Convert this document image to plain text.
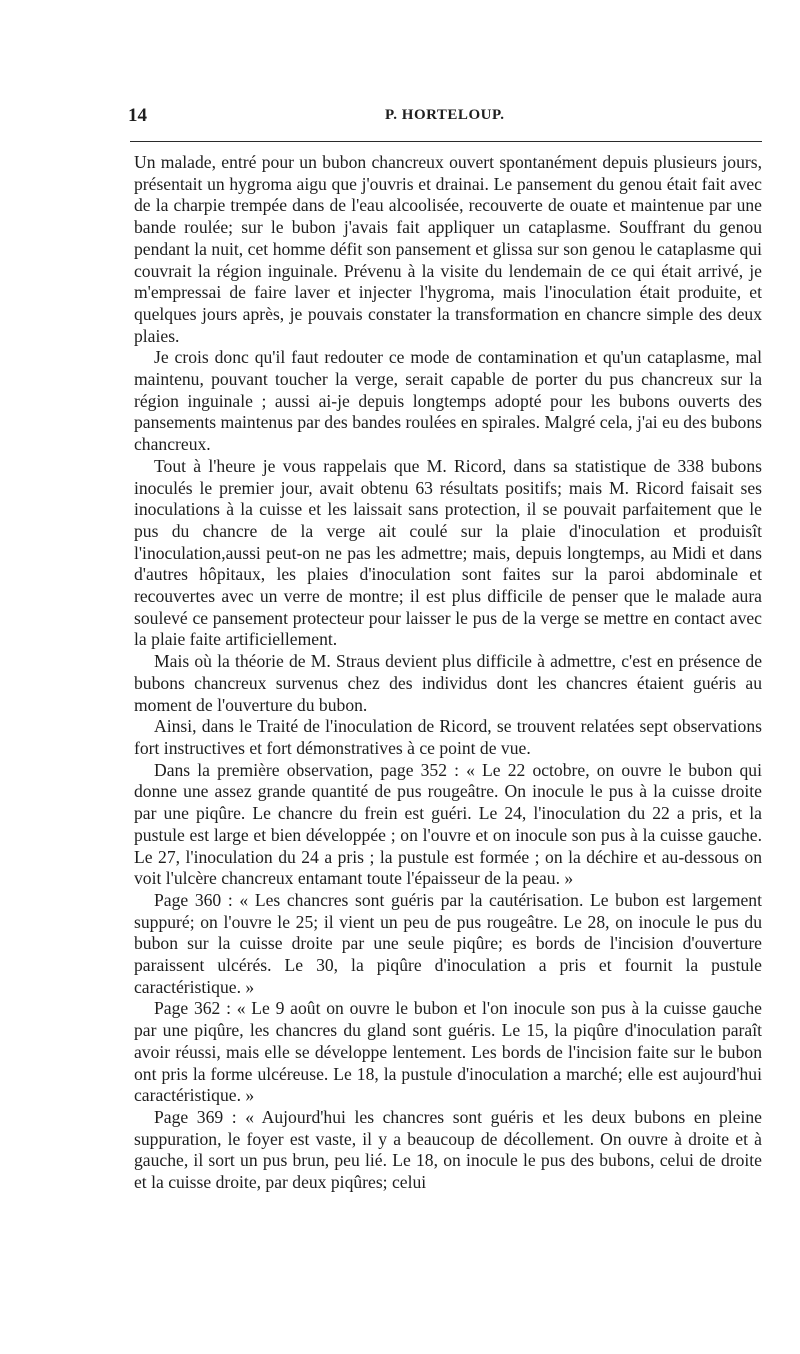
14	P. HORTELOUP.

Un malade, entré pour un bubon chancreux ouvert spontanément depuis plusieurs jours, présentait un hygroma aigu que j'ouvris et drainai. Le pansement du genou était fait avec de la charpie trempée dans de l'eau alcoolisée, recouverte de ouate et maintenue par une bande roulée; sur le bubon j'avais fait appliquer un cataplasme. Souffrant du genou pendant la nuit, cet homme défit son pansement et glissa sur son genou le cataplasme qui couvrait la région inguinale. Prévenu à la visite du lendemain de ce qui était arrivé, je m'empressai de faire laver et injecter l'hygroma, mais l'inoculation était produite, et quelques jours après, je pouvais constater la transformation en chancre simple des deux plaies.

Je crois donc qu'il faut redouter ce mode de contamination et qu'un cataplasme, mal maintenu, pouvant toucher la verge, serait capable de porter du pus chancreux sur la région inguinale ; aussi ai-je depuis longtemps adopté pour les bubons ouverts des pansements maintenus par des bandes roulées en spirales. Malgré cela, j'ai eu des bubons chancreux.

Tout à l'heure je vous rappelais que M. Ricord, dans sa statistique de 338 bubons inoculés le premier jour, avait obtenu 63 résultats positifs; mais M. Ricord faisait ses inoculations à la cuisse et les laissait sans protection, il se pouvait parfaitement que le pus du chancre de la verge ait coulé sur la plaie d'inoculation et produisît l'inoculation,aussi peut-on ne pas les admettre; mais, depuis longtemps, au Midi et dans d'autres hôpitaux, les plaies d'inoculation sont faites sur la paroi abdominale et recouvertes avec un verre de montre; il est plus difficile de penser que le malade aura soulevé ce pansement protecteur pour laisser le pus de la verge se mettre en contact avec la plaie faite artificiellement.

Mais où la théorie de M. Straus devient plus difficile à admettre, c'est en présence de bubons chancreux survenus chez des individus dont les chancres étaient guéris au moment de l'ouverture du bubon.

Ainsi, dans le Traité de l'inoculation de Ricord, se trouvent relatées sept observations fort instructives et fort démonstratives à ce point de vue.

Dans la première observation, page 352 : « Le 22 octobre, on ouvre le bubon qui donne une assez grande quantité de pus rougeâtre. On inocule le pus à la cuisse droite par une piqûre. Le chancre du frein est guéri. Le 24, l'inoculation du 22 a pris, et la pustule est large et bien développée ; on l'ouvre et on inocule son pus à la cuisse gauche. Le 27, l'inoculation du 24 a pris ; la pustule est formée ; on la déchire et au-dessous on voit l'ulcère chancreux entamant toute l'épaisseur de la peau. »

Page 360 : « Les chancres sont guéris par la cautérisation. Le bubon est largement suppuré; on l'ouvre le 25; il vient un peu de pus rougeâtre. Le 28, on inocule le pus du bubon sur la cuisse droite par une seule piqûre; es bords de l'incision d'ouverture paraissent ulcérés. Le 30, la piqûre d'inoculation a pris et fournit la pustule caractéristique. »

Page 362 : « Le 9 août on ouvre le bubon et l'on inocule son pus à la cuisse gauche par une piqûre, les chancres du gland sont guéris. Le 15, la piqûre d'inoculation paraît avoir réussi, mais elle se développe lentement. Les bords de l'incision faite sur le bubon ont pris la forme ulcéreuse. Le 18, la pustule d'inoculation a marché; elle est aujourd'hui caractéristique. »

Page 369 : « Aujourd'hui les chancres sont guéris et les deux bubons en pleine suppuration, le foyer est vaste, il y a beaucoup de décollement. On ouvre à droite et à gauche, il sort un pus brun, peu lié. Le 18, on inocule le pus des bubons, celui de droite et la cuisse droite, par deux piqûres; celui
